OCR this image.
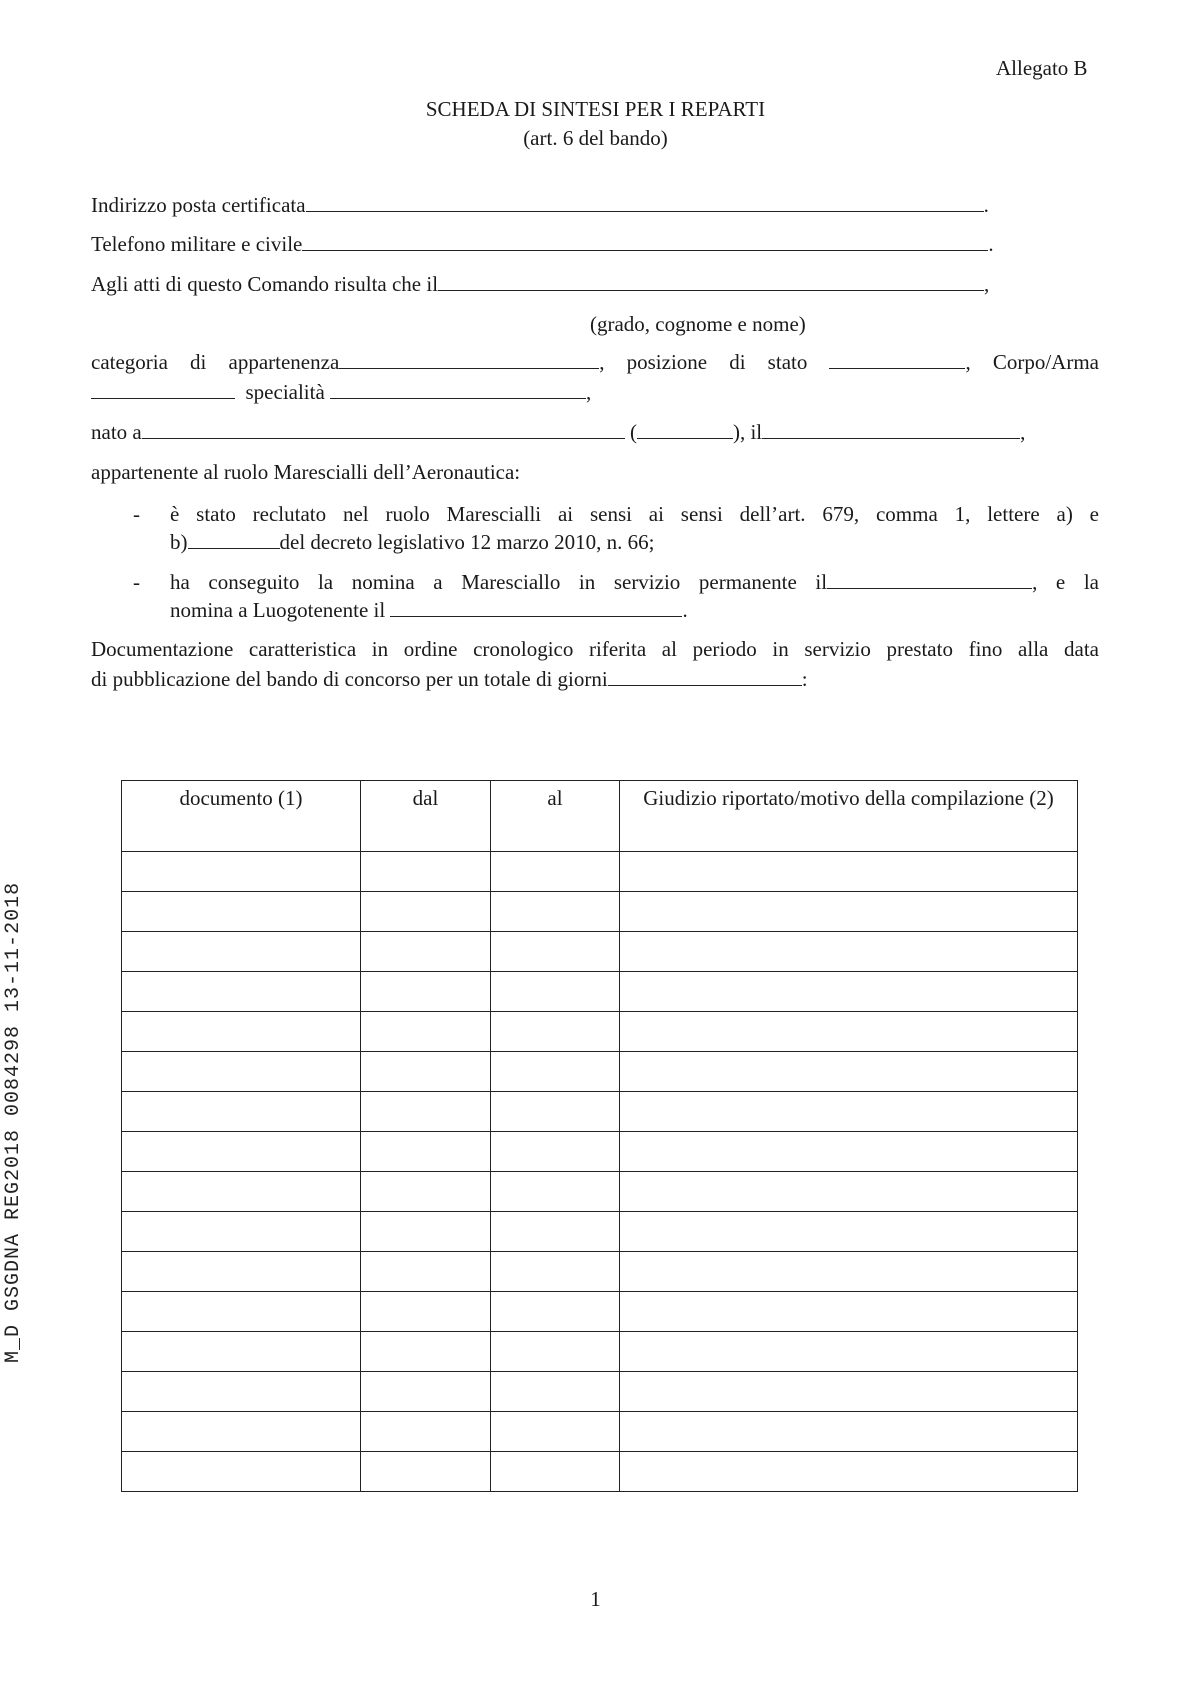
Allegato B
SCHEDA DI SINTESI PER I REPARTI
(art. 6 del bando)
Indirizzo posta certificata	.
Telefono militare e civile	.
Agli atti di questo Comando risulta che il	,
(grado, cognome e nome)
categoria di appartenenza	, posizione di stato	, Corpo/Arma
specialità	,
nato a	(	), il	,
appartenente al ruolo Marescialli dell’Aeronautica:
- è stato reclutato nel ruolo Marescialli ai sensi ai sensi dell’art. 679, comma 1, lettere a) e
b)	del decreto legislativo 12 marzo 2010, n. 66;
- ha conseguito la nomina a Maresciallo in servizio permanente il	, e la
nomina a Luogotenente il	.
Documentazione caratteristica in ordine cronologico riferita al periodo in servizio prestato fino alla data
di pubblicazione del bando di concorso per un totale di giorni	:
documento (1)	dal	al	Giudizio riportato/motivo della compilazione (2)

1
M_D GSGDNA REG2018 0084298 13-11-2018
